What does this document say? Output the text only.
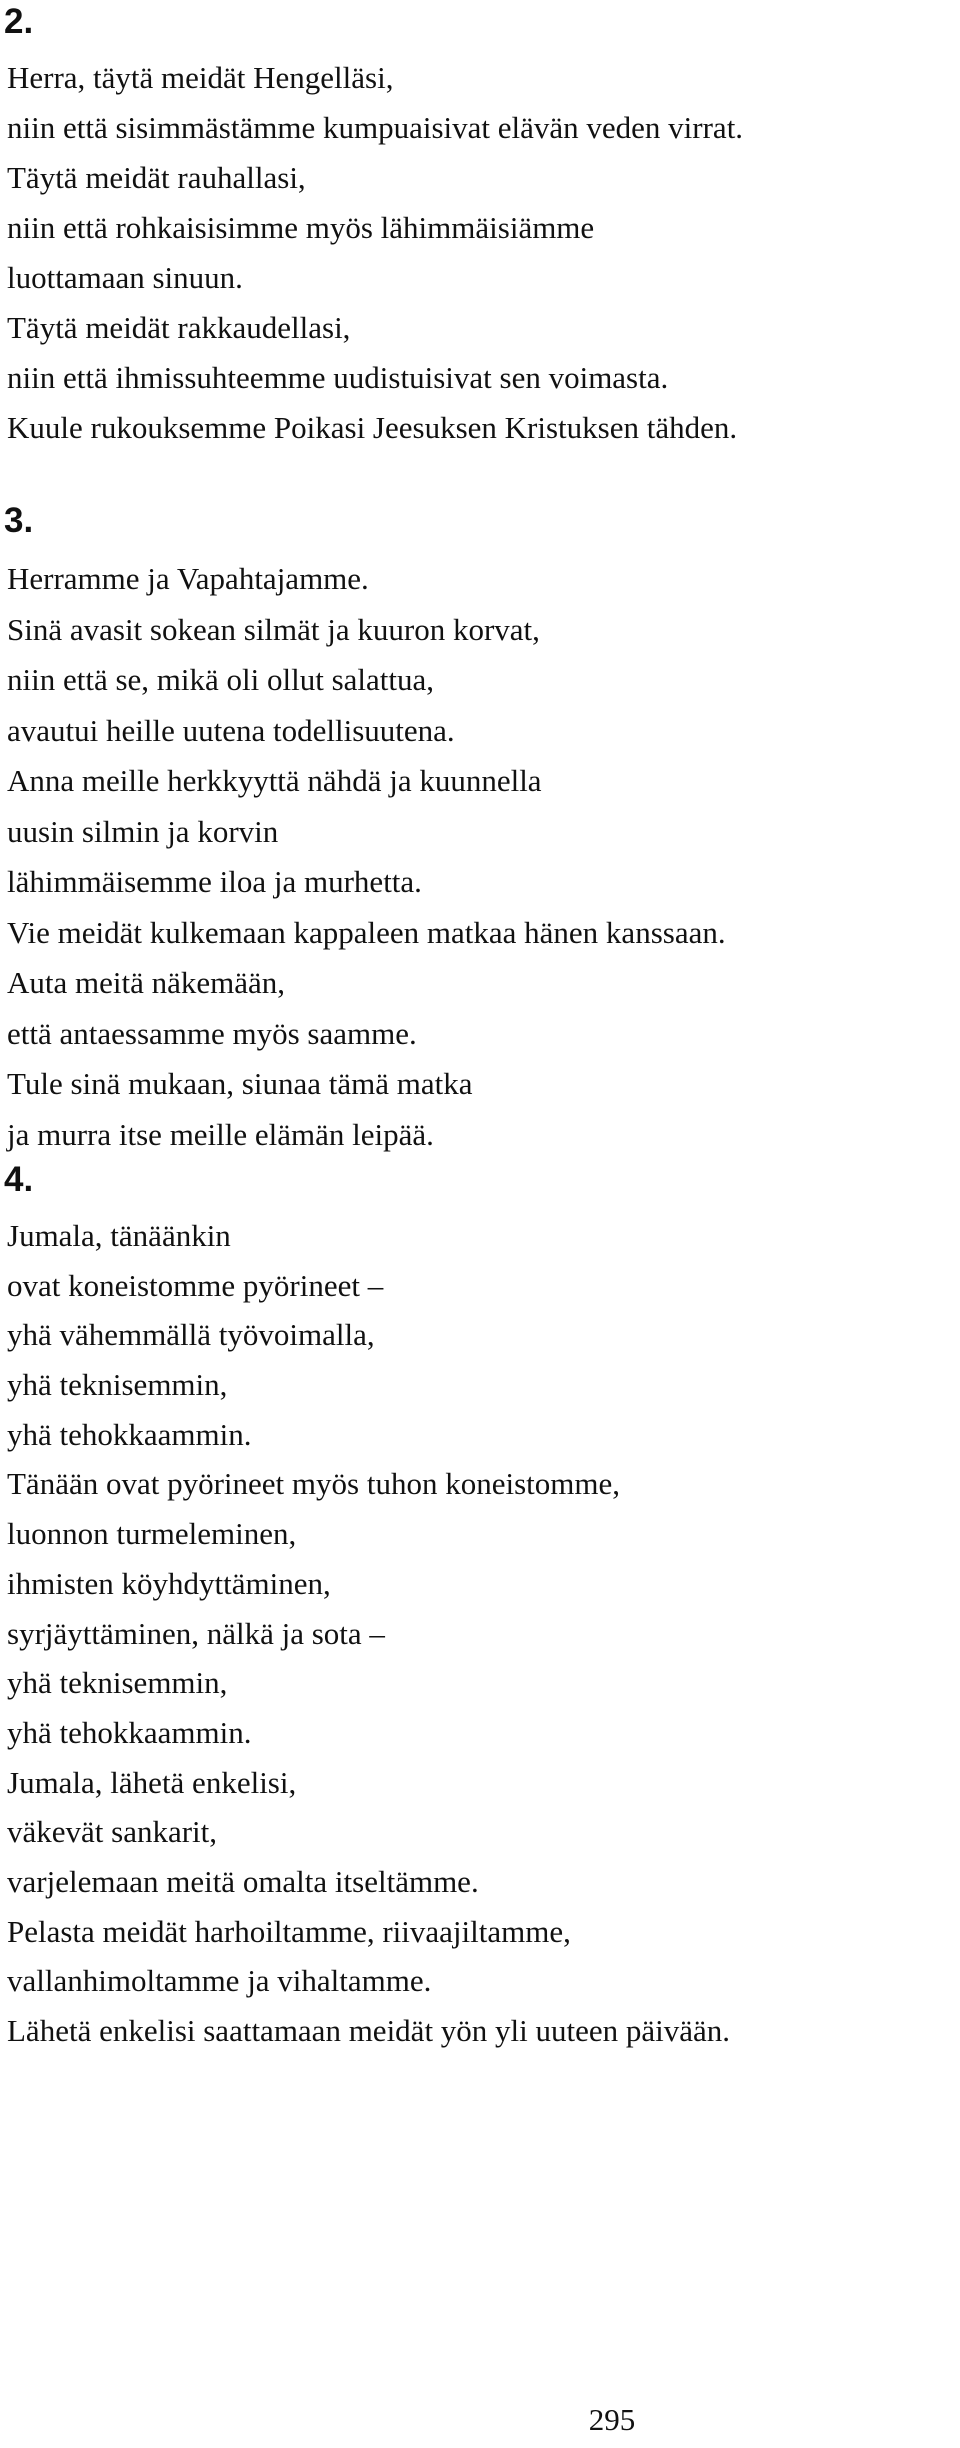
2.
Herra, täytä meidät Hengelläsi,
niin että sisimmästämme kumpuaisivat elävän veden virrat.
Täytä meidät rauhallasi,
niin että rohkaisisimme myös lähimmäisiämme
luottamaan sinuun.
Täytä meidät rakkaudellasi,
niin että ihmissuhteemme uudistuisivat sen voimasta.
Kuule rukouksemme Poikasi Jeesuksen Kristuksen tähden.
3.
Herramme ja Vapahtajamme.
Sinä avasit sokean silmät ja kuuron korvat,
niin että se, mikä oli ollut salattua,
avautui heille uutena todellisuutena.
Anna meille herkkyyttä nähdä ja kuunnella
uusin silmin ja korvin
lähimmäisemme iloa ja murhetta.
Vie meidät kulkemaan kappaleen matkaa hänen kanssaan.
Auta meitä näkemään,
että antaessamme myös saamme.
Tule sinä mukaan, siunaa tämä matka
ja murra itse meille elämän leipää.
4.
Jumala, tänäänkin
ovat koneistomme pyörineet –
yhä vähemmällä työvoimalla,
yhä teknisemmin,
yhä tehokkaammin.
Tänään ovat pyörineet myös tuhon koneistomme,
luonnon turmeleminen,
ihmisten köyhdyttäminen,
syrjäyttäminen, nälkä ja sota –
yhä teknisemmin,
yhä tehokkaammin.
Jumala, lähetä enkelisi,
väkevät sankarit,
varjelemaan meitä omalta itseltämme.
Pelasta meidät harhoiltamme, riivaajiltamme,
vallanhimoltamme ja vihaltamme.
Lähetä enkelisi saattamaan meidät yön yli uuteen päivään.
295
